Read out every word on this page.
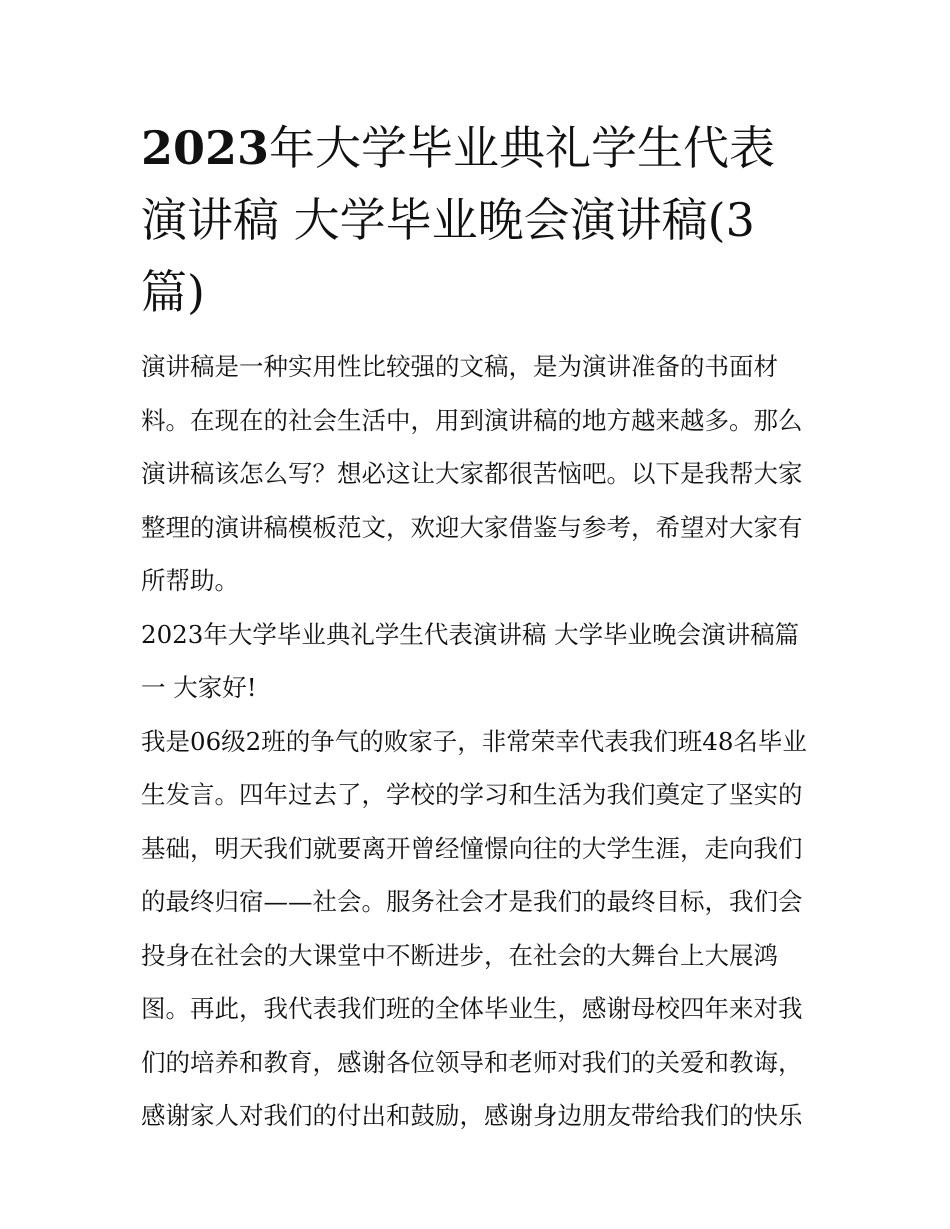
2023年大学毕业典礼学生代表演讲稿 大学毕业晚会演讲稿(3篇)

演讲稿是一种实用性比较强的文稿，是为演讲准备的书面材料。在现在的社会生活中，用到演讲稿的地方越来越多。那么演讲稿该怎么写？想必这让大家都很苦恼吧。以下是我帮大家整理的演讲稿模板范文，欢迎大家借鉴与参考，希望对大家有所帮助。

2023年大学毕业典礼学生代表演讲稿 大学毕业晚会演讲稿篇一 大家好!

我是06级2班的争气的败家子，非常荣幸代表我们班48名毕业生发言。四年过去了，学校的学习和生活为我们奠定了坚实的基础，明天我们就要离开曾经憧憬向往的大学生涯，走向我们的最终归宿——社会。服务社会才是我们的最终目标，我们会投身在社会的大课堂中不断进步，在社会的大舞台上大展鸿图。再此，我代表我们班的全体毕业生，感谢母校四年来对我们的培养和教育，感谢各位领导和老师对我们的关爱和教诲，感谢家人对我们的付出和鼓励，感谢身边朋友带给我们的快乐
